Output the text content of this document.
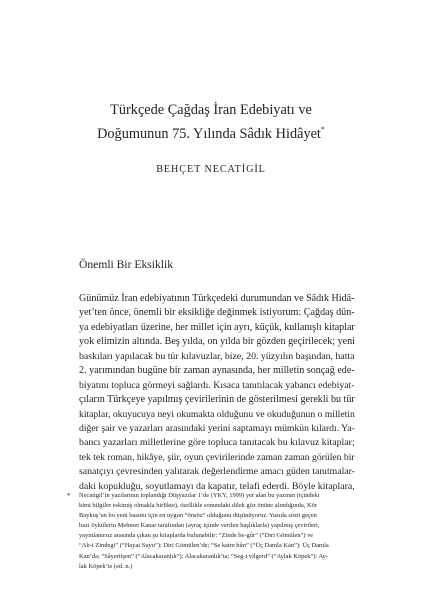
Türkçede Çağdaş İran Edebiyatı ve
Doğumunun 75. Yılında Sâdık Hidâyet*
BEHÇET NECATİGİL
Önemli Bir Eksiklik
Günümüz İran edebiyatının Türkçedeki durumundan ve Sâdık Hidâ-
yet’ten önce, önemli bir eksikliğe değinmek istiyorum: Çağdaş dün-
ya edebiyatları üzerine, her millet için ayrı, küçük, kullanışlı kitaplar
yok elimizin altında. Beş yılda, on yılda bir gözden geçirilecek; yeni
baskıları yapılacak bu tür kılavuzlar, bize, 20. yüzyılın başından, hatta
2. yarımından bugüne bir zaman aynasında, her milletin sonçağ ede-
biyatını topluca görmeyi sağlardı. Kısaca tanıtılacak yabancı edebiyat-
çıların Türkçeye yapılmış çevirilerinin de gösterilmesi gerekli bu tür
kitaplar, okuyucuya neyi okumakta olduğunu ve okuduğunun o milletin
diğer şair ve yazarları arasındaki yerini saptamayı mümkün kılardı. Ya-
bancı yazarları milletlerine göre topluca tanıtacak bu kılavuz kitaplar;
tek tek roman, hikâye, şiir, oyun çevirilerinde zaman zaman görülen bir
sanatçıyı çevresinden yalıtarak değerlendirme amacı güden tanıtmalar-
daki kopukluğu, soyutlamayı da kapatır, telafi ederdi. Böyle kitaplara,
* Necatigil’in yazılarının toplandığı Düşyazılar 1’de (YKY, 1999) yer alan bu yazının (içindeki
kimi bilgiler eskimiş olmakla birlikte), özellikle sonundaki dilek göz önüne alındığında, Kör
Baykuş’un bu yeni basımı için en uygun “önsöz” olduğunu düşünüyoruz. Yazıda sözü geçen
bazı öykülerin Mehmet Kanar tarafından (ayraç içinde verilen başlıklarla) yapılmış çevirileri,
yayınlanırsız arasında çıkan şu kitaplarda bulunabilir: “Zinde be-gûr” (“Diri Gömülen”) ve
“Ab-i Zindegi” (“Hayat Suyu”): Diri Gömülen’de; “Se katre hûn” (“Üç Damla Kan”): Üç Damla
Kan’da; “Sâyeriişen” (“Alacakaranlık”); Alacakaranlık’ta; “Seg-i vilgerd” (“Aylak Köpek”): Ay-
lak Köpek’te (ed. n.)
